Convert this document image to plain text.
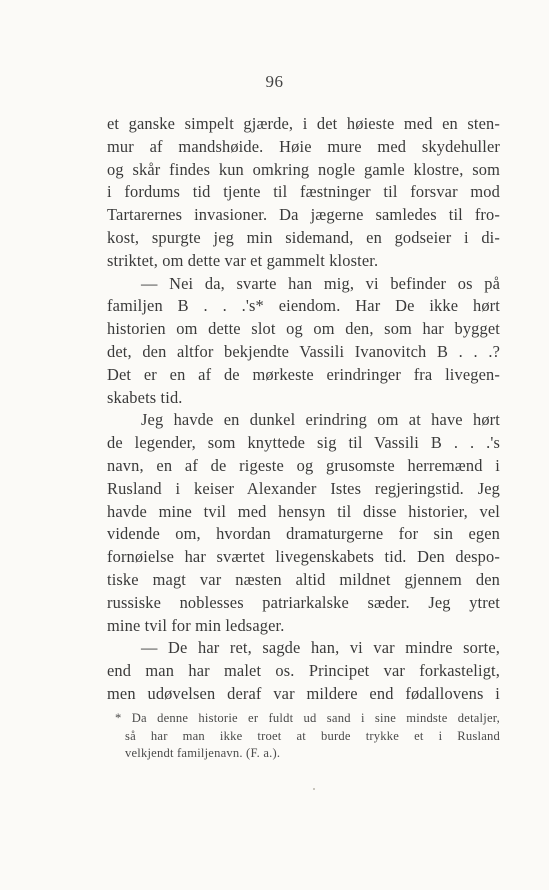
96
et ganske simpelt gjærde, i det høieste med en sten-
mur af mandshøide. Høie mure med skydehuller
og skår findes kun omkring nogle gamle klostre, som
i fordums tid tjente til fæstninger til forsvar mod
Tartarernes invasioner. Da jægerne samledes til fro-
kost, spurgte jeg min sidemand, en godseier i di-
striktet, om dette var et gammelt kloster.
— Nei da, svarte han mig, vi befinder os på
familjen B . . .'s* eiendom. Har De ikke hørt
historien om dette slot og om den, som har bygget
det, den altfor bekjendte Vassili Ivanovitch B . . .?
Det er en af de mørkeste erindringer fra livegen-
skabets tid.
Jeg havde en dunkel erindring om at have hørt
de legender, som knyttede sig til Vassili B . . .'s
navn, en af de rigeste og grusomste herremænd i
Rusland i keiser Alexander Istes regjeringstid. Jeg
havde mine tvil med hensyn til disse historier, vel
vidende om, hvordan dramaturgerne for sin egen
fornøielse har sværtet livegenskabets tid. Den despo-
tiske magt var næsten altid mildnet gjennem den
russiske noblesses patriarkalske sæder. Jeg ytret
mine tvil for min ledsager.
— De har ret, sagde han, vi var mindre sorte,
end man har malet os. Principet var forkasteligt,
men udøvelsen deraf var mildere end fødallovens i
* Da denne historie er fuldt ud sand i sine mindste detaljer,
så har man ikke troet at burde trykke et i Rusland
velkjendt familjenavn. (F. a.).
